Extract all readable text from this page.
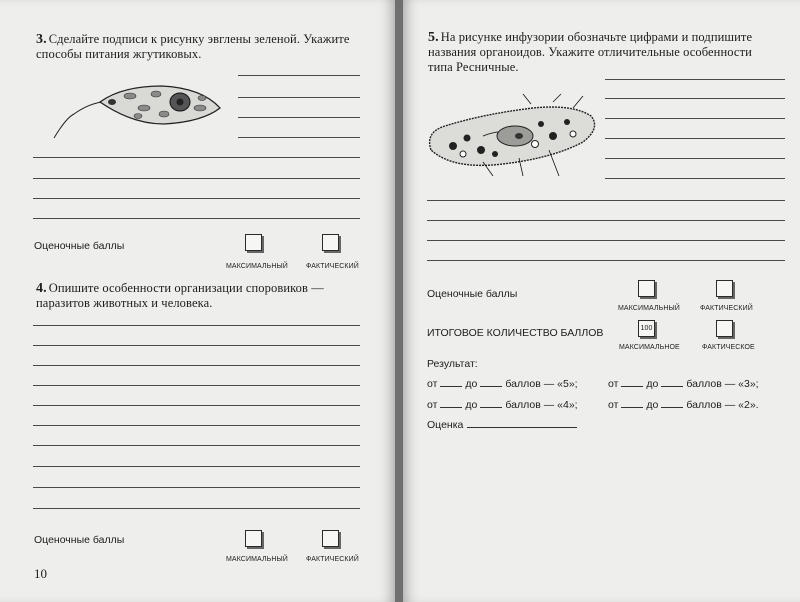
3. Сделайте подписи к рисунку эвглены зеленой. Укажите способы питания жгутиковых.
Оценочные баллы
МАКСИМАЛЬНЫЙ	ФАКТИЧЕСКИЙ
4. Опишите особенности организации споровиков — паразитов животных и человека.
Оценочные баллы
МАКСИМАЛЬНЫЙ	ФАКТИЧЕСКИЙ
10
5. На рисунке инфузории обозначьте цифрами и подпишите названия органоидов. Укажите отличительные особенности типа Ресничные.
Оценочные баллы
МАКСИМАЛЬНЫЙ	ФАКТИЧЕСКИЙ
ИТОГОВОЕ КОЛИЧЕСТВО БАЛЛОВ	100
МАКСИМАЛЬНОЕ	ФАКТИЧЕСКОЕ
Результат:
от	до	баллов — «5»;	от	до	баллов — «3»;
от	до	баллов — «4»;	от	до	баллов — «2».
Оценка
